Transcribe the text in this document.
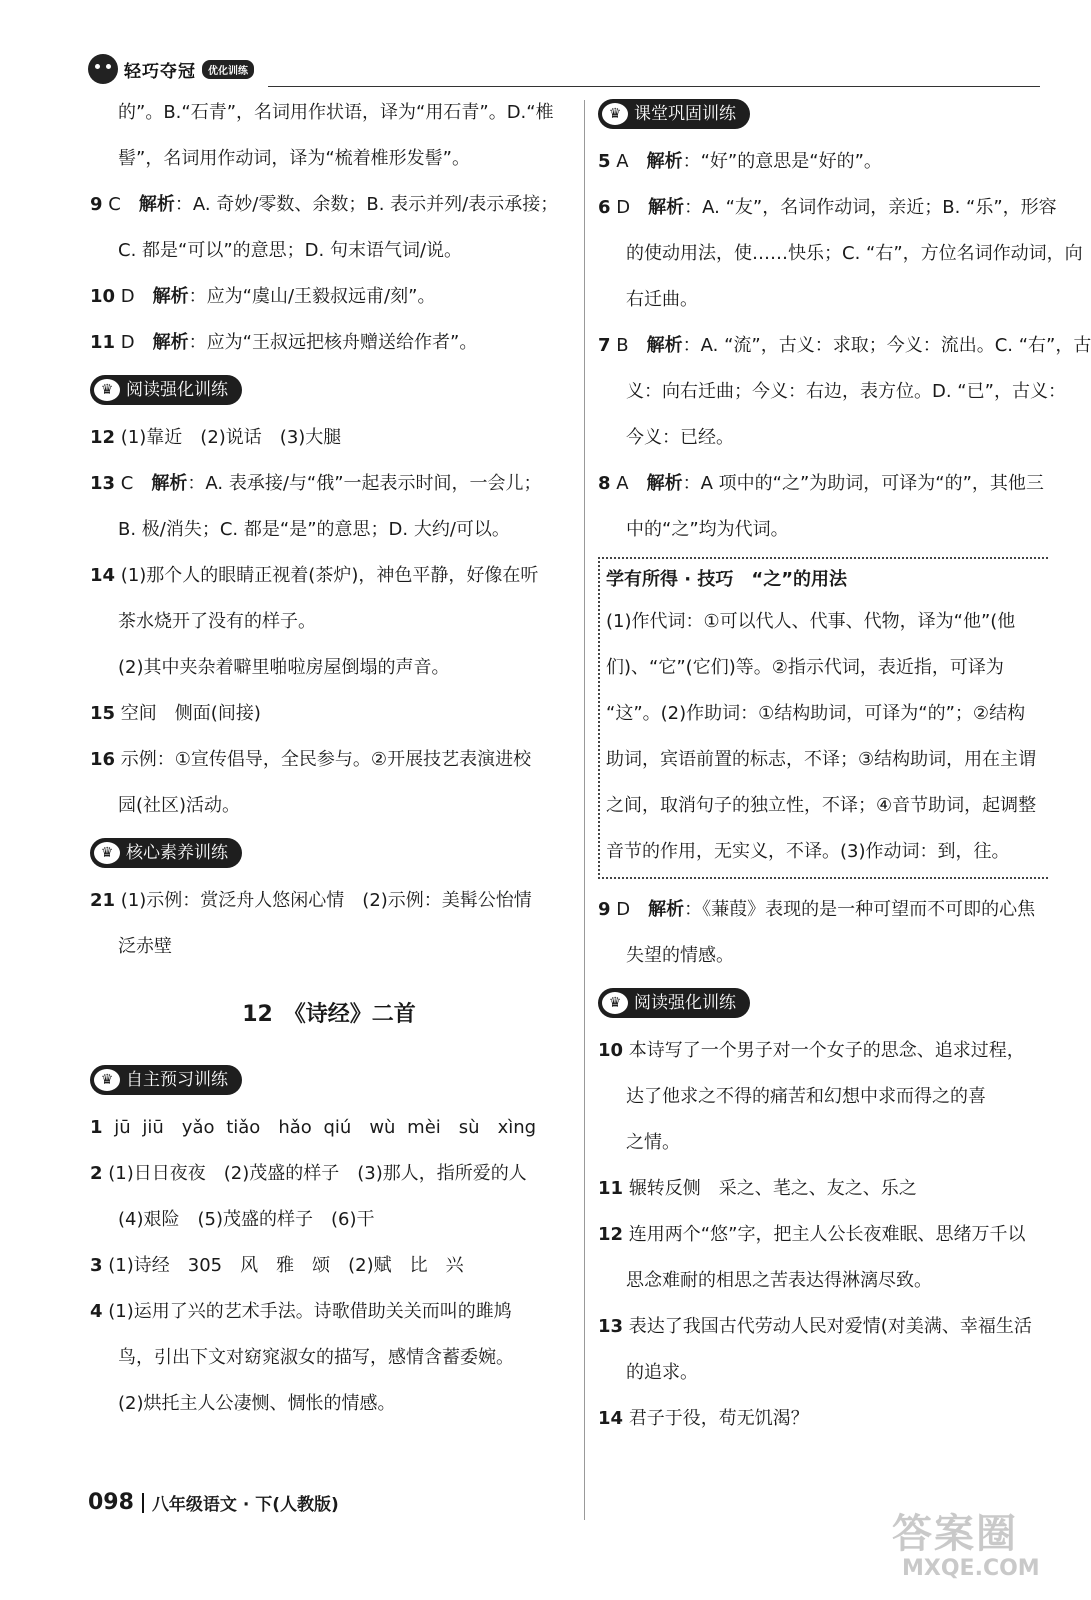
轻巧夺冠	优化训练

的”。B.“石青”，名词用作状语，译为“用石青”。D.“椎

髻”，名词用作动词，译为“梳着椎形发髻”。

9 C　 解析：A. 奇妙/零数、余数；B. 表示并列/表示承接；

C. 都是“可以”的意思；D. 句末语气词/说。

10 D　 解析：应为“虞山/王毅叔远甫/刻”。

11 D　 解析：应为“王叔远把核舟赠送给作者”。

♛ 阅读强化训练

12 (1)靠近　(2)说话　(3)大腿

13 C　 解析：A. 表承接/与“俄”一起表示时间，一会儿；

B. 极/消失；C. 都是“是”的意思；D. 大约/可以。

14 (1)那个人的眼睛正视着(茶炉)，神色平静，好像在听

茶水烧开了没有的样子。

(2)其中夹杂着噼里啪啦房屋倒塌的声音。

15 空间　侧面(间接)

16 示例：①宣传倡导，全民参与。②开展技艺表演进校

园(社区)活动。

♛ 核心素养训练

21 (1)示例：赏泛舟人悠闲心情　(2)示例：美髯公怡情

泛赤壁

12　《诗经》二首
♛ 自主预习训练

1 jū jiū　yǎo tiǎo　hǎo qiú　wù mèi　sù　xìng

2 (1)日日夜夜　(2)茂盛的样子　(3)那人，指所爱的人

(4)艰险　(5)茂盛的样子　(6)干

3 (1)诗经　305　风　雅　颂　(2)赋　比　兴

4 (1)运用了兴的艺术手法。诗歌借助关关而叫的雎鸠

鸟，引出下文对窈窕淑女的描写，感情含蓄委婉。

(2)烘托主人公凄恻、惆怅的情感。

♛ 课堂巩固训练

5 A　 解析：“好”的意思是“好的”。

6 D　 解析：A. “友”，名词作动词，亲近；B. “乐”，形容

的使动用法，使……快乐；C. “右”，方位名词作动词，向

右迁曲。

7 B　 解析：A. “流”，古义：求取；今义：流出。C. “右”，古

义：向右迁曲；今义：右边，表方位。D. “已”，古义：

今义：已经。

8 A　 解析：A 项中的“之”为助词，可译为“的”，其他三

中的“之”均为代词。

学有所得 · 技巧　“之”的用法

(1)作代词：①可以代人、代事、代物，译为“他”(他

们)、“它”(它们)等。②指示代词，表近指，可译为

“这”。(2)作助词：①结构助词，可译为“的”；②结构

助词，宾语前置的标志，不译；③结构助词，用在主谓

之间，取消句子的独立性，不译；④音节助词，起调整

音节的作用，无实义，不译。(3)作动词：到，往。

9 D　 解析：《蒹葭》表现的是一种可望而不可即的心焦

失望的情感。

♛ 阅读强化训练

10 本诗写了一个男子对一个女子的思念、追求过程，

达了他求之不得的痛苦和幻想中求而得之的喜

之情。

11 辗转反侧　采之、芼之、友之、乐之

12 连用两个“悠”字，把主人公长夜难眠、思绪万千以

思念难耐的相思之苦表达得淋漓尽致。

13 表达了我国古代劳动人民对爱情(对美满、幸福生活

的追求。

14 君子于役，苟无饥渴？

098 八年级语文 · 下(人教版)
答案圈
MXQE.COM
